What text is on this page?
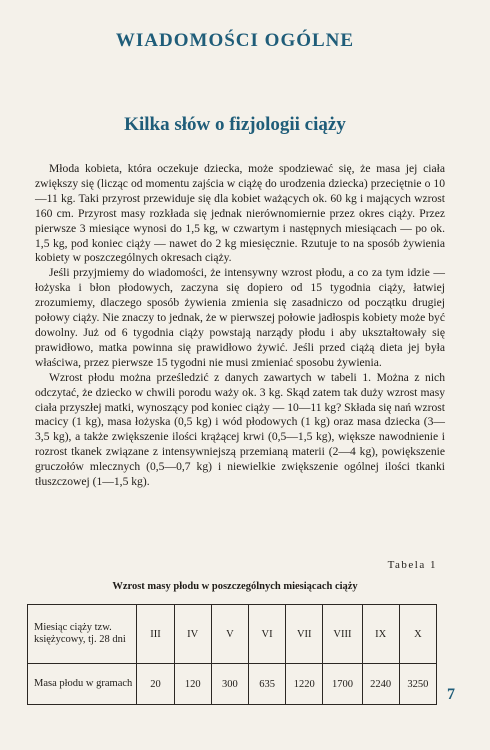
WIADOMOŚCI OGÓLNE
Kilka słów o fizjologii ciąży

Młoda kobieta, która oczekuje dziecka, może spodziewać się, że masa jej ciała zwiększy się (licząc od momentu zajścia w ciążę do urodzenia dziecka) przeciętnie o 10—11 kg. Taki przyrost przewiduje się dla kobiet ważących ok. 60 kg i mających wzrost 160 cm. Przyrost masy rozkłada się jednak nierównomiernie przez okres ciąży. Przez pierwsze 3 miesiące wynosi do 1,5 kg, w czwartym i następnych miesiącach — po ok. 1,5 kg, pod koniec ciąży — nawet do 2 kg miesięcznie. Rzutuje to na sposób żywienia kobiety w poszczególnych okresach ciąży.

Jeśli przyjmiemy do wiadomości, że intensywny wzrost płodu, a co za tym idzie — łożyska i błon płodowych, zaczyna się dopiero od 15 tygodnia ciąży, łatwiej zrozumiemy, dlaczego sposób żywienia zmienia się zasadniczo od początku drugiej połowy ciąży. Nie znaczy to jednak, że w pierwszej połowie jadłospis kobiety może być dowolny. Już od 6 tygodnia ciąży powstają narządy płodu i aby ukształtowały się prawidłowo, matka powinna się prawidłowo żywić. Jeśli przed ciążą dieta jej była właściwa, przez pierwsze 15 tygodni nie musi zmieniać sposobu żywienia.

Wzrost płodu można prześledzić z danych zawartych w tabeli 1. Można z nich odczytać, że dziecko w chwili porodu waży ok. 3 kg. Skąd zatem tak duży wzrost masy ciała przyszłej matki, wynoszący pod koniec ciąży — 10—11 kg? Składa się nań wzrost macicy (1 kg), masa łożyska (0,5 kg) i wód płodowych (1 kg) oraz masa dziecka (3—3,5 kg), a także zwiększenie ilości krążącej krwi (0,5—1,5 kg), większe nawodnienie i rozrost tkanek związane z intensywniejszą przemianą materii (2—4 kg), powiększenie gruczołów mlecznych (0,5—0,7 kg) i niewielkie zwiększenie ogólnej ilości tkanki tłuszczowej (1—1,5 kg).

Tabela 1
Wzrost masy płodu w poszczególnych miesiącach ciąży
Miesiąc ciąży tzw. księżycowy, tj. 28 dni	III	IV	V	VI	VII	VIII	IX	X
Masa płodu w gramach	20	120	300	635	1220	1700	2240	3250
7
